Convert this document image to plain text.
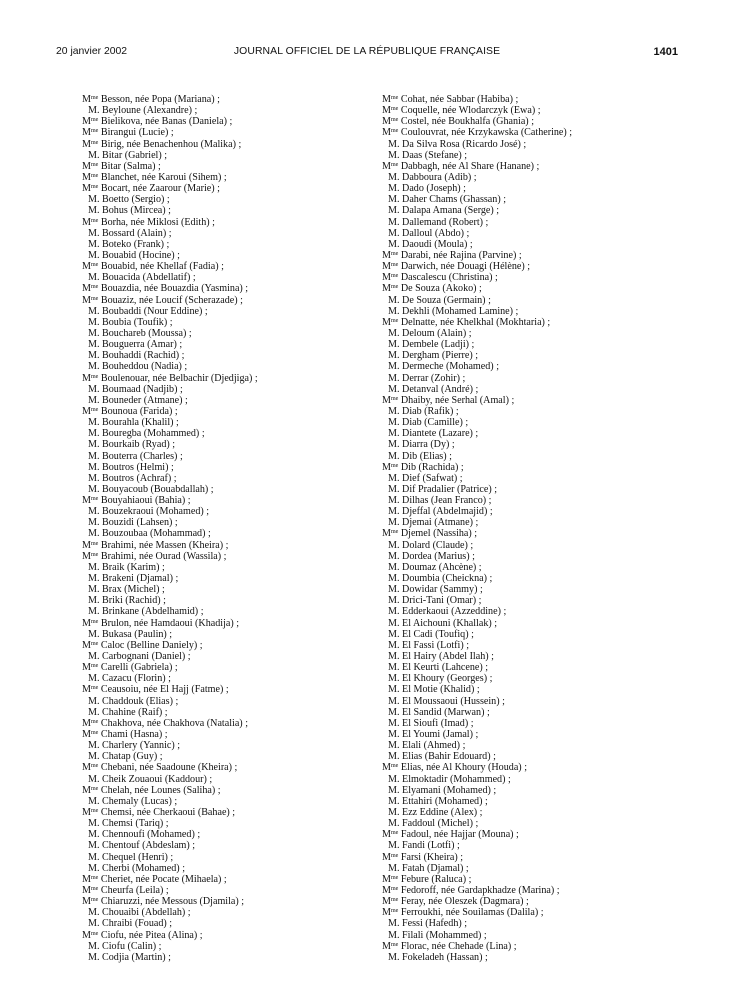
20 janvier 2002	JOURNAL OFFICIEL DE LA RÉPUBLIQUE FRANÇAISE	1401
$M^{me}$ Besson, née Popa (Mariana) ;
M. Beyloune (Alexandre) ;
$M^{me}$ Bielikova, née Banas (Daniela) ;
$M^{me}$ Birangui (Lucie) ;
$M^{me}$ Birig, née Benachenhou (Malika) ;
M. Bitar (Gabriel) ;
$M^{me}$ Bitar (Salma) ;
$M^{me}$ Blanchet, née Karoui (Sihem) ;
$M^{me}$ Bocart, née Zaarour (Marie) ;
M. Boetto (Sergio) ;
M. Bohus (Mircea) ;
$M^{me}$ Borha, née Miklosi (Edith) ;
M. Bossard (Alain) ;
M. Boteko (Frank) ;
M. Bouabid (Hocine) ;
$M^{me}$ Bouabid, née Khellaf (Fadia) ;
M. Bouacida (Abdellatif) ;
$M^{me}$ Bouazdia, née Bouazdia (Yasmina) ;
$M^{me}$ Bouaziz, née Loucif (Scherazade) ;
M. Boubaddi (Nour Eddine) ;
M. Boubia (Toufik) ;
M. Bouchareb (Moussa) ;
M. Bouguerra (Amar) ;
M. Bouhaddi (Rachid) ;
M. Bouheddou (Nadia) ;
$M^{me}$ Boulenouar, née Belbachir (Djedjiga) ;
M. Boumaad (Nadjib) ;
M. Bouneder (Atmane) ;
$M^{me}$ Bounoua (Farida) ;
M. Bourahla (Khalil) ;
M. Bouregba (Mohammed) ;
M. Bourkaib (Ryad) ;
M. Bouterra (Charles) ;
M. Boutros (Helmi) ;
M. Boutros (Achraf) ;
M. Bouyacoub (Bouabdallah) ;
$M^{me}$ Bouyahiaoui (Bahia) ;
M. Bouzekraoui (Mohamed) ;
M. Bouzidi (Lahsen) ;
M. Bouzoubaa (Mohammad) ;
$M^{me}$ Brahimi, née Massen (Kheira) ;
$M^{me}$ Brahimi, née Ourad (Wassila) ;
M. Braik (Karim) ;
M. Brakeni (Djamal) ;
M. Brax (Michel) ;
M. Briki (Rachid) ;
M. Brinkane (Abdelhamid) ;
$M^{me}$ Brulon, née Hamdaoui (Khadija) ;
M. Bukasa (Paulin) ;
$M^{me}$ Caloc (Belline Daniely) ;
M. Carbognani (Daniel) ;
$M^{me}$ Carelli (Gabriela) ;
M. Cazacu (Florin) ;
$M^{me}$ Ceausoiu, née El Hajj (Fatme) ;
M. Chaddouk (Elias) ;
M. Chahine (Raif) ;
$M^{me}$ Chakhova, née Chakhova (Natalia) ;
$M^{me}$ Chami (Hasna) ;
M. Charlery (Yannic) ;
M. Chatap (Guy) ;
$M^{me}$ Chebani, née Saadoune (Kheira) ;
M. Cheik Zouaoui (Kaddour) ;
$M^{me}$ Chelah, née Lounes (Saliha) ;
M. Chemaly (Lucas) ;
$M^{me}$ Chemsi, née Cherkaoui (Bahae) ;
M. Chemsi (Tariq) ;
M. Chennoufi (Mohamed) ;
M. Chentouf (Abdeslam) ;
M. Chequel (Henri) ;
M. Cherbi (Mohamed) ;
$M^{me}$ Cheriet, née Pocate (Mihaela) ;
$M^{me}$ Cheurfa (Leila) ;
$M^{me}$ Chiaruzzi, née Messous (Djamila) ;
M. Chouaibi (Abdellah) ;
M. Chraibi (Fouad) ;
$M^{me}$ Ciofu, née Pitea (Alina) ;
M. Ciofu (Calin) ;
M. Codjia (Martin) ;
$M^{me}$ Cohat, née Sabbar (Habiba) ;
$M^{me}$ Coquelle, née Wlodarczyk (Ewa) ;
$M^{me}$ Costel, née Boukhalfa (Ghania) ;
$M^{me}$ Coulouvrat, née Krzykawska (Catherine) ;
M. Da Silva Rosa (Ricardo José) ;
M. Daas (Stefane) ;
$M^{me}$ Dabbagh, née Al Share (Hanane) ;
M. Dabboura (Adib) ;
M. Dado (Joseph) ;
M. Daher Chams (Ghassan) ;
M. Dalapa Amana (Serge) ;
M. Dallemand (Robert) ;
M. Dalloul (Abdo) ;
M. Daoudi (Moula) ;
$M^{me}$ Darabi, née Rajina (Parvine) ;
$M^{me}$ Darwich, née Douagi (Hélène) ;
$M^{me}$ Dascalescu (Christina) ;
$M^{me}$ De Souza (Akoko) ;
M. De Souza (Germain) ;
M. Dekhli (Mohamed Lamine) ;
$M^{me}$ Delnatte, née Khelkhal (Mokhtaria) ;
M. Deloum (Alain) ;
M. Dembele (Ladji) ;
M. Dergham (Pierre) ;
M. Dermeche (Mohamed) ;
M. Derrar (Zohir) ;
M. Detanval (André) ;
$M^{me}$ Dhaiby, née Serhal (Amal) ;
M. Diab (Rafik) ;
M. Diab (Camille) ;
M. Diantete (Lazare) ;
M. Diarra (Dy) ;
M. Dib (Elias) ;
$M^{me}$ Dib (Rachida) ;
M. Dief (Safwat) ;
M. Dif Pradalier (Patrice) ;
M. Dilhas (Jean Franco) ;
M. Djeffal (Abdelmajid) ;
M. Djemai (Atmane) ;
$M^{me}$ Djemel (Nassiha) ;
M. Dolard (Claude) ;
M. Dordea (Marius) ;
M. Doumaz (Ahcène) ;
M. Doumbia (Cheickna) ;
M. Dowidar (Sammy) ;
M. Drici-Tani (Omar) ;
M. Edderkaoui (Azzeddine) ;
M. El Aichouni (Khallak) ;
M. El Cadi (Toufiq) ;
M. El Fassi (Lotfi) ;
M. El Hairy (Abdel Ilah) ;
M. El Keurti (Lahcene) ;
M. El Khoury (Georges) ;
M. El Motie (Khalid) ;
M. El Moussaoui (Hussein) ;
M. El Sandid (Marwan) ;
M. El Sioufi (Imad) ;
M. El Youmi (Jamal) ;
M. Elali (Ahmed) ;
M. Elias (Bahir Edouard) ;
$M^{me}$ Elias, née Al Khoury (Houda) ;
M. Elmoktadir (Mohammed) ;
M. Elyamani (Mohamed) ;
M. Ettahiri (Mohamed) ;
M. Ezz Eddine (Alex) ;
M. Faddoul (Michel) ;
$M^{me}$ Fadoul, née Hajjar (Mouna) ;
M. Fandi (Lotfi) ;
$M^{me}$ Farsi (Kheira) ;
M. Fatah (Djamal) ;
$M^{me}$ Febure (Raluca) ;
$M^{me}$ Fedoroff, née Gardapkhadze (Marina) ;
$M^{me}$ Feray, née Oleszek (Dagmara) ;
$M^{me}$ Ferroukhi, née Souilamas (Dalila) ;
M. Fessi (Hafedh) ;
M. Filali (Mohammed) ;
$M^{me}$ Florac, née Chehade (Lina) ;
M. Fokeladeh (Hassan) ;
